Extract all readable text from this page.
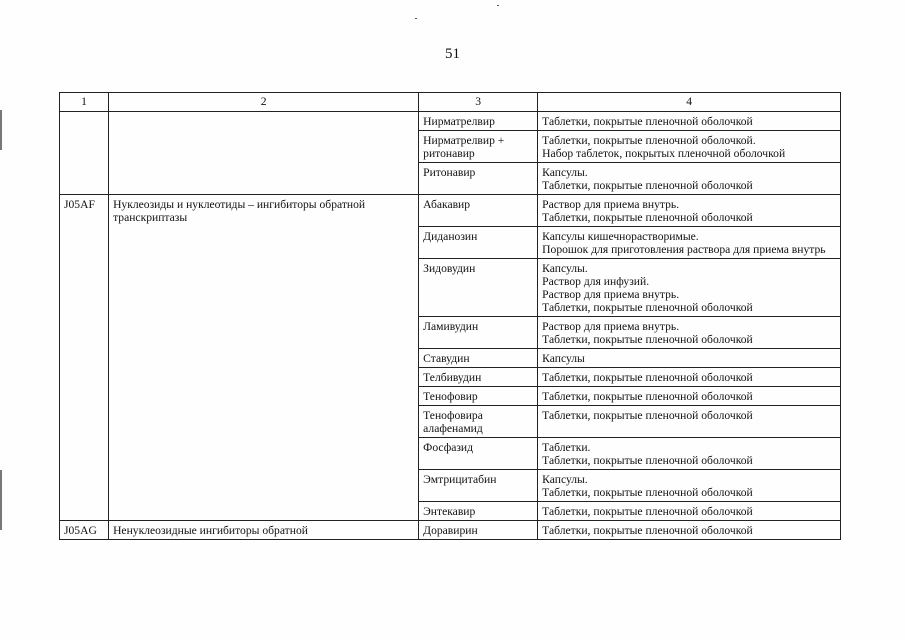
51
1	2	3	4
		Нирматрелвир	Таблетки, покрытые пленочной оболочкой
		Нирматрелвир + ритонавир	Таблетки, покрытые пленочной оболочкой.
Набор таблеток, покрытых пленочной оболочкой
		Ритонавир	Капсулы.
Таблетки, покрытые пленочной оболочкой
J05AF	Нуклеозиды и нуклеотиды – ингибиторы обратной транскриптазы	Абакавир	Раствор для приема внутрь.
Таблетки, покрытые пленочной оболочкой
		Диданозин	Капсулы кишечнорастворимые.
Порошок для приготовления раствора для приема внутрь
		Зидовудин	Капсулы.
Раствор для инфузий.
Раствор для приема внутрь.
Таблетки, покрытые пленочной оболочкой
		Ламивудин	Раствор для приема внутрь.
Таблетки, покрытые пленочной оболочкой
		Ставудин	Капсулы
		Телбивудин	Таблетки, покрытые пленочной оболочкой
		Тенофовир	Таблетки, покрытые пленочной оболочкой
		Тенофовира алафенамид	Таблетки, покрытые пленочной оболочкой
		Фосфазид	Таблетки.
Таблетки, покрытые пленочной оболочкой
		Эмтрицитабин	Капсулы.
Таблетки, покрытые пленочной оболочкой
		Энтекавир	Таблетки, покрытые пленочной оболочкой
J05AG	Ненуклеозидные ингибиторы обратной	Доравирин	Таблетки, покрытые пленочной оболочкой
